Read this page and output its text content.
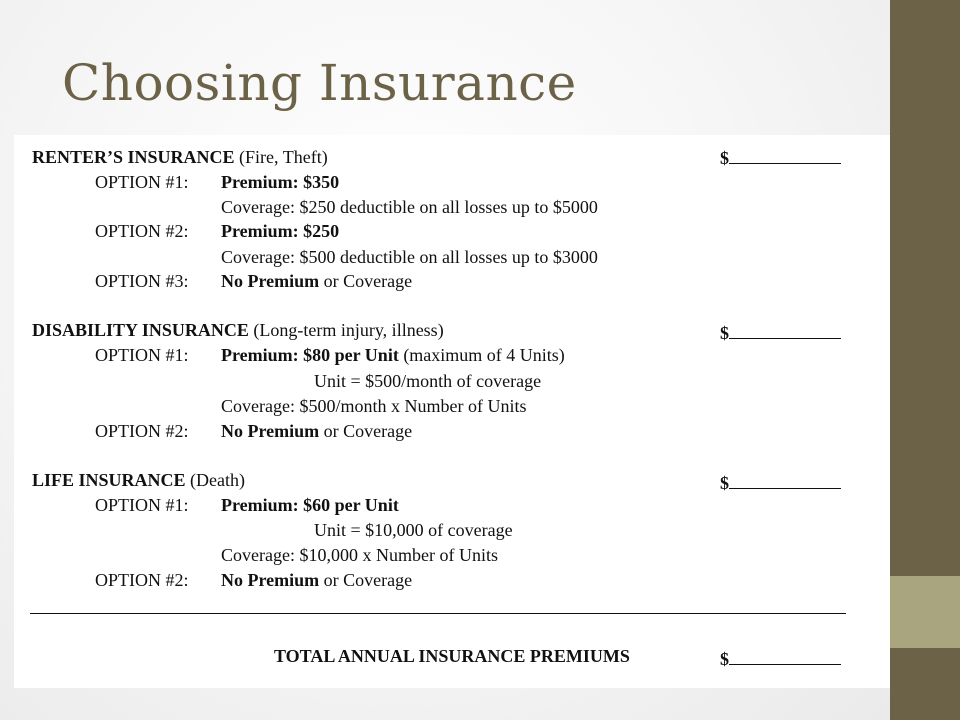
Choosing Insurance
RENTER’S INSURANCE (Fire, Theft)	$
OPTION #1: Premium: $350
Coverage: $250 deductible on all losses up to $5000
OPTION #2: Premium: $250
Coverage: $500 deductible on all losses up to $3000
OPTION #3: No Premium or Coverage
DISABILITY INSURANCE (Long-term injury, illness)	$
OPTION #1: Premium: $80 per Unit (maximum of 4 Units)
Unit = $500/month of coverage
Coverage: $500/month x Number of Units
OPTION #2: No Premium or Coverage
LIFE INSURANCE (Death)	$
OPTION #1: Premium: $60 per Unit
Unit = $10,000 of coverage
Coverage: $10,000 x Number of Units
OPTION #2: No Premium or Coverage
TOTAL ANNUAL INSURANCE PREMIUMS	$
